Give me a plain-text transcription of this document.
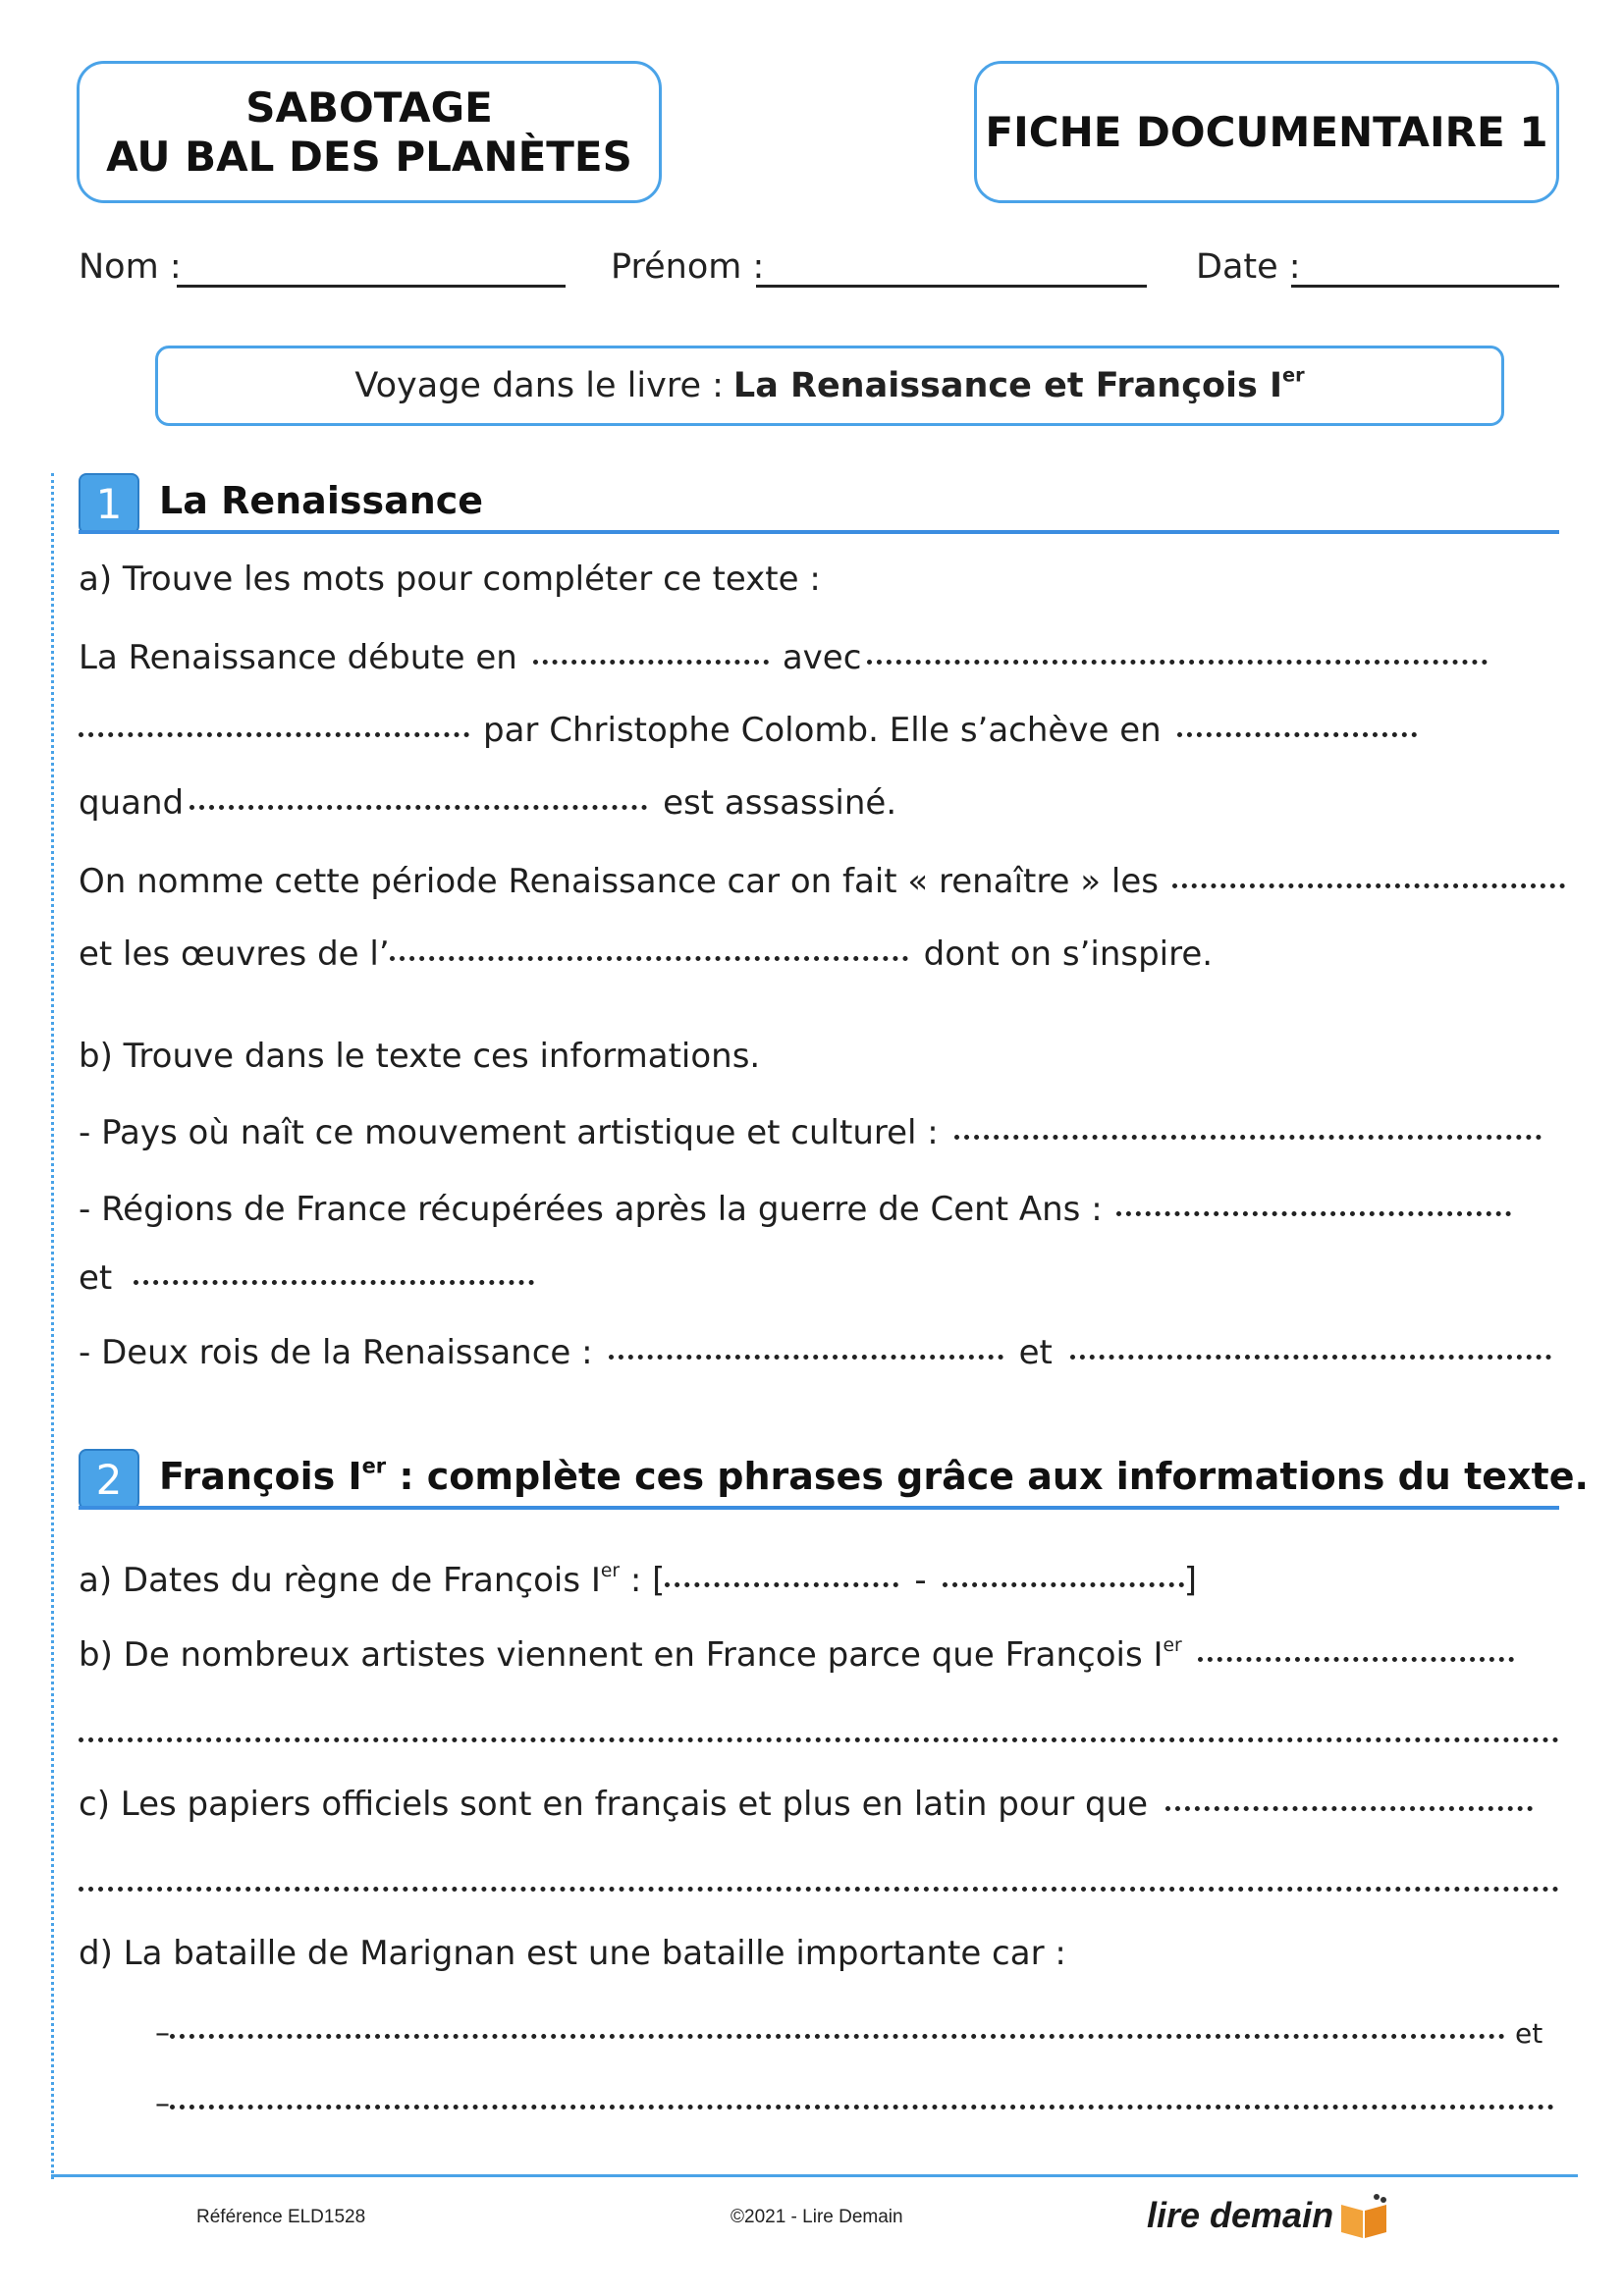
SABOTAGE
AU BAL DES PLANÈTES	FICHE DOCUMENTAIRE 1
Nom :	Prénom :	Date :
Voyage dans le livre : La Renaissance et François Ier
1 La Renaissance
a) Trouve les mots pour compléter ce texte :
La Renaissance débute en	avec
par Christophe Colomb. Elle s’achève en
quand	est assassiné.
On nomme cette période Renaissance car on fait « renaître » les
et les œuvres de l’	dont on s’inspire.
b) Trouve dans le texte ces informations.
- Pays où naît ce mouvement artistique et culturel :
- Régions de France récupérées après la guerre de Cent Ans :
et
- Deux rois de la Renaissance :	et
2 François Ier : complète ces phrases grâce aux informations du texte.
a) Dates du règne de François Ier : [	-	]
b) De nombreux artistes viennent en France parce que François Ier
c) Les papiers officiels sont en français et plus en latin pour que
d) La bataille de Marignan est une bataille importante car :
–	et
–
Référence ELD1528	©2021 - Lire Demain	lire demain
